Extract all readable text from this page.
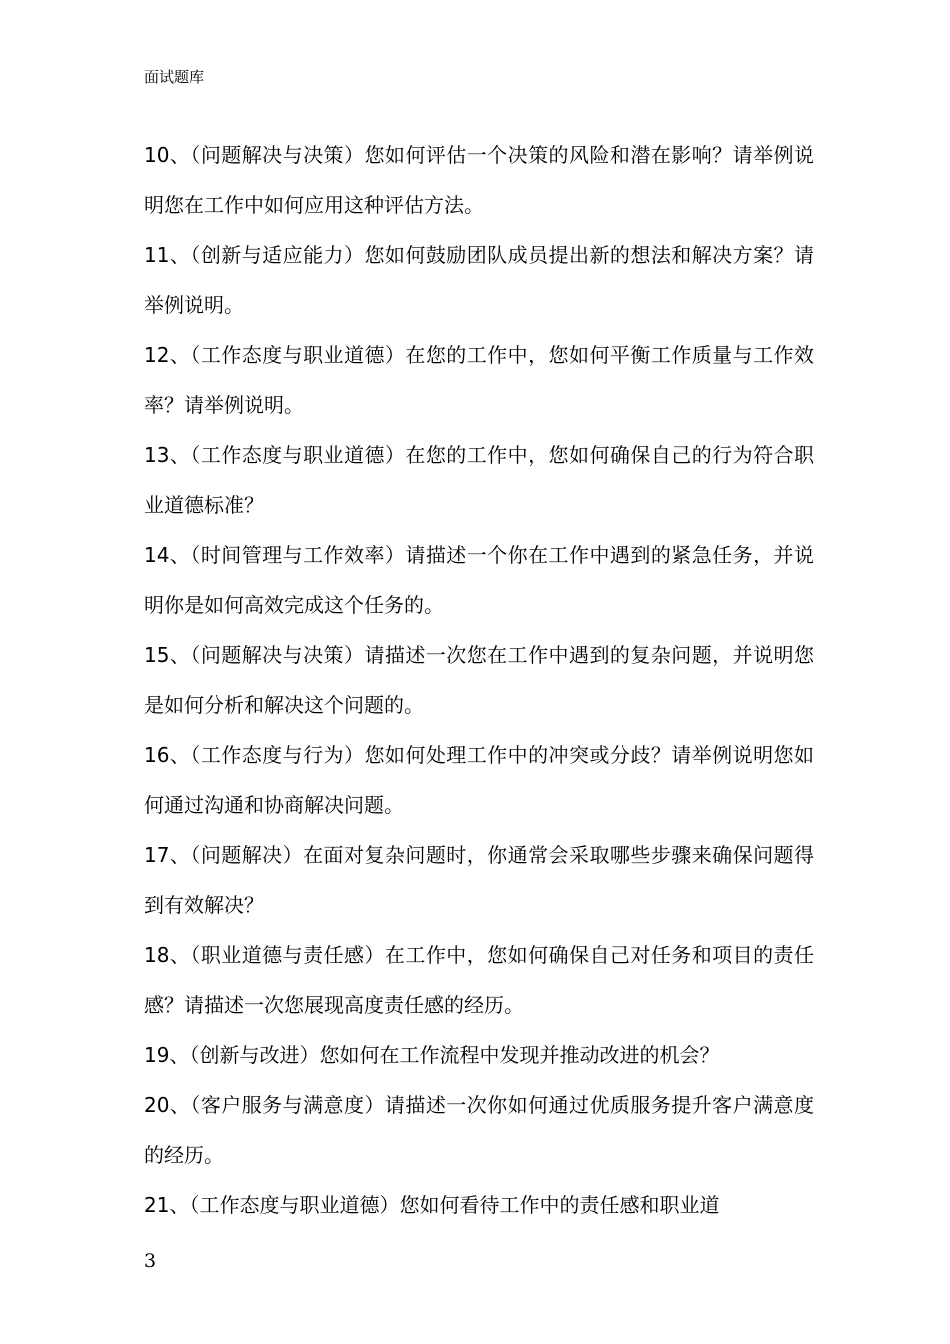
面试题库

10、（问题解决与决策）您如何评估一个决策的风险和潜在影响？请举例说明您在工作中如何应用这种评估方法。

11、（创新与适应能力）您如何鼓励团队成员提出新的想法和解决方案？请举例说明。

12、（工作态度与职业道德）在您的工作中，您如何平衡工作质量与工作效率？请举例说明。

13、（工作态度与职业道德）在您的工作中，您如何确保自己的行为符合职业道德标准？

14、（时间管理与工作效率）请描述一个你在工作中遇到的紧急任务，并说明你是如何高效完成这个任务的。

15、（问题解决与决策）请描述一次您在工作中遇到的复杂问题，并说明您是如何分析和解决这个问题的。

16、（工作态度与行为）您如何处理工作中的冲突或分歧？请举例说明您如何通过沟通和协商解决问题。

17、（问题解决）在面对复杂问题时，你通常会采取哪些步骤来确保问题得到有效解决？

18、（职业道德与责任感）在工作中，您如何确保自己对任务和项目的责任感？请描述一次您展现高度责任感的经历。

19、（创新与改进）您如何在工作流程中发现并推动改进的机会？

20、（客户服务与满意度）请描述一次你如何通过优质服务提升客户满意度的经历。

21、（工作态度与职业道德）您如何看待工作中的责任感和职业道

3
